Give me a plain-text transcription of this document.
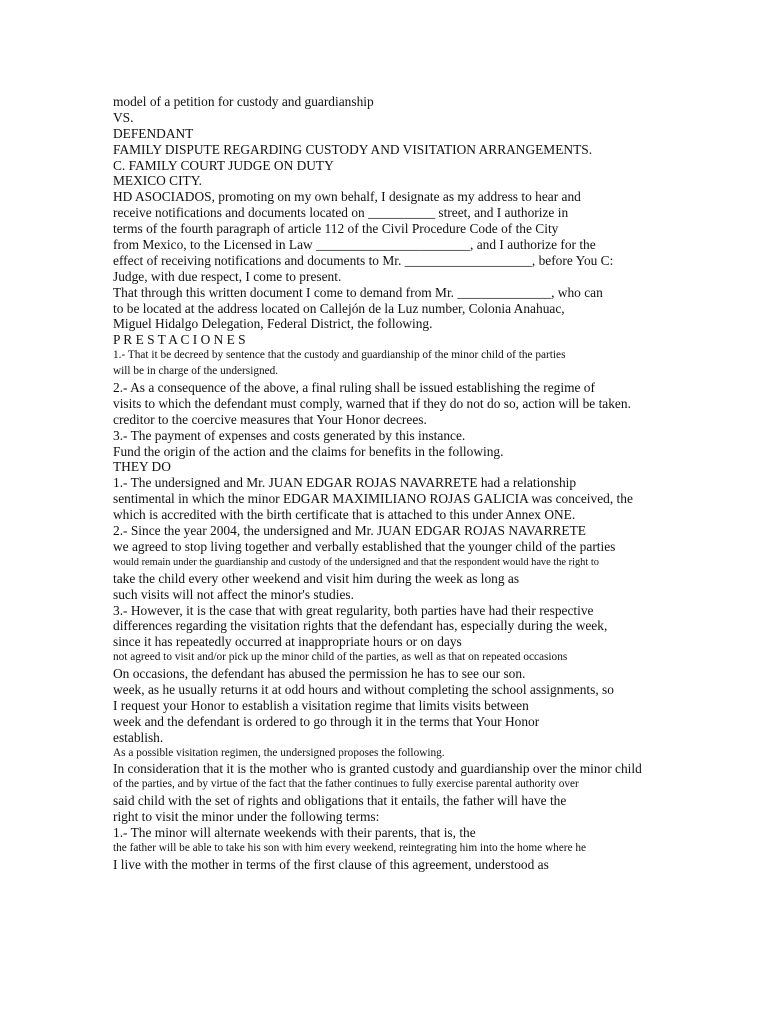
model of a petition for custody and guardianship
VS.
DEFENDANT
FAMILY DISPUTE REGARDING CUSTODY AND VISITATION ARRANGEMENTS.
C. FAMILY COURT JUDGE ON DUTY
MEXICO CITY.
HD ASOCIADOS, promoting on my own behalf, I designate as my address to hear and
receive notifications and documents located on __________ street, and I authorize in
terms of the fourth paragraph of article 112 of the Civil Procedure Code of the City
from Mexico, to the Licensed in Law _______________________, and I authorize for the
effect of receiving notifications and documents to Mr. ___________________, before You C:
Judge, with due respect, I come to present.
That through this written document I come to demand from Mr. ______________, who can
to be located at the address located on Callejón de la Luz number, Colonia Anahuac,
Miguel Hidalgo Delegation, Federal District, the following.
P R E S T A C I O N E S
1.- That it be decreed by sentence that the custody and guardianship of the minor child of the parties
will be in charge of the undersigned.
2.- As a consequence of the above, a final ruling shall be issued establishing the regime of
visits to which the defendant must comply, warned that if they do not do so, action will be taken.
creditor to the coercive measures that Your Honor decrees.
3.- The payment of expenses and costs generated by this instance.
Fund the origin of the action and the claims for benefits in the following.
THEY DO
1.- The undersigned and Mr. JUAN EDGAR ROJAS NAVARRETE had a relationship
sentimental in which the minor EDGAR MAXIMILIANO ROJAS GALICIA was conceived, the
which is accredited with the birth certificate that is attached to this under Annex ONE.
2.- Since the year 2004, the undersigned and Mr. JUAN EDGAR ROJAS NAVARRETE
we agreed to stop living together and verbally established that the younger child of the parties
would remain under the guardianship and custody of the undersigned and that the respondent would have the right to
take the child every other weekend and visit him during the week as long as
such visits will not affect the minor's studies.
3.- However, it is the case that with great regularity, both parties have had their respective
differences regarding the visitation rights that the defendant has, especially during the week,
since it has repeatedly occurred at inappropriate hours or on days
not agreed to visit and/or pick up the minor child of the parties, as well as that on repeated occasions
On occasions, the defendant has abused the permission he has to see our son.
week, as he usually returns it at odd hours and without completing the school assignments, so
I request your Honor to establish a visitation regime that limits visits between
week and the defendant is ordered to go through it in the terms that Your Honor
establish.
As a possible visitation regimen, the undersigned proposes the following.
In consideration that it is the mother who is granted custody and guardianship over the minor child
of the parties, and by virtue of the fact that the father continues to fully exercise parental authority over
said child with the set of rights and obligations that it entails, the father will have the
right to visit the minor under the following terms:
1.- The minor will alternate weekends with their parents, that is, the
the father will be able to take his son with him every weekend, reintegrating him into the home where he
I live with the mother in terms of the first clause of this agreement, understood as
